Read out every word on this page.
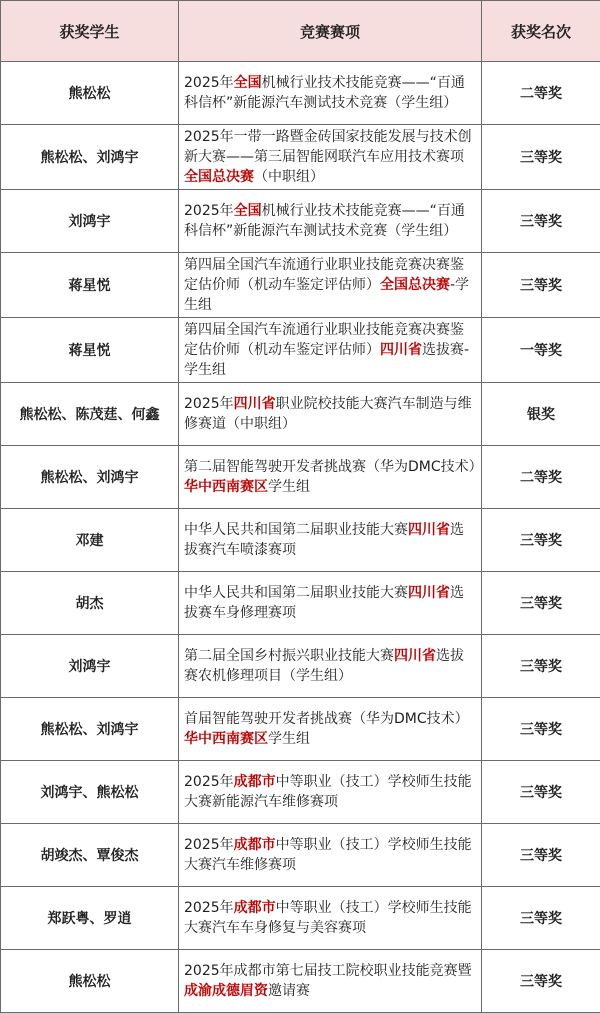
获奖学生	竞赛赛项	获奖名次
熊松松	2025年全国机械行业技术技能竞赛——“百通科信杯”新能源汽车测试技术竞赛（学生组）	二等奖
熊松松、刘鸿宇	2025年一带一路暨金砖国家技能发展与技术创新大赛——第三届智能网联汽车应用技术赛项全国总决赛（中职组）	三等奖
刘鸿宇	2025年全国机械行业技术技能竞赛——“百通科信杯”新能源汽车测试技术竞赛（学生组）	三等奖
蒋星悦	第四届全国汽车流通行业职业技能竞赛决赛鉴定估价师（机动车鉴定评估师）全国总决赛-学生组	三等奖
蒋星悦	第四届全国汽车流通行业职业技能竞赛决赛鉴定估价师（机动车鉴定评估师）四川省选拔赛-学生组	一等奖
熊松松、陈茂莛、何鑫	2025年四川省职业院校技能大赛汽车制造与维修赛道（中职组）	银奖
熊松松、刘鸿宇	第二届智能驾驶开发者挑战赛（华为DMC技术）华中西南赛区学生组	二等奖
邓建	中华人民共和国第二届职业技能大赛四川省选拔赛汽车喷漆赛项	三等奖
胡杰	中华人民共和国第二届职业技能大赛四川省选拔赛车身修理赛项	三等奖
刘鸿宇	第二届全国乡村振兴职业技能大赛四川省选拔赛农机修理项目（学生组）	三等奖
熊松松、刘鸿宇	首届智能驾驶开发者挑战赛（华为DMC技术）华中西南赛区学生组	三等奖
刘鸿宇、熊松松	2025年成都市中等职业（技工）学校师生技能大赛新能源汽车维修赛项	三等奖
胡竣杰、覃俊杰	2025年成都市中等职业（技工）学校师生技能大赛汽车维修赛项	三等奖
郑跃粤、罗逍	2025年成都市中等职业（技工）学校师生技能大赛汽车车身修复与美容赛项	三等奖
熊松松	2025年成都市第七届技工院校职业技能竞赛暨成渝成德眉资邀请赛	三等奖
